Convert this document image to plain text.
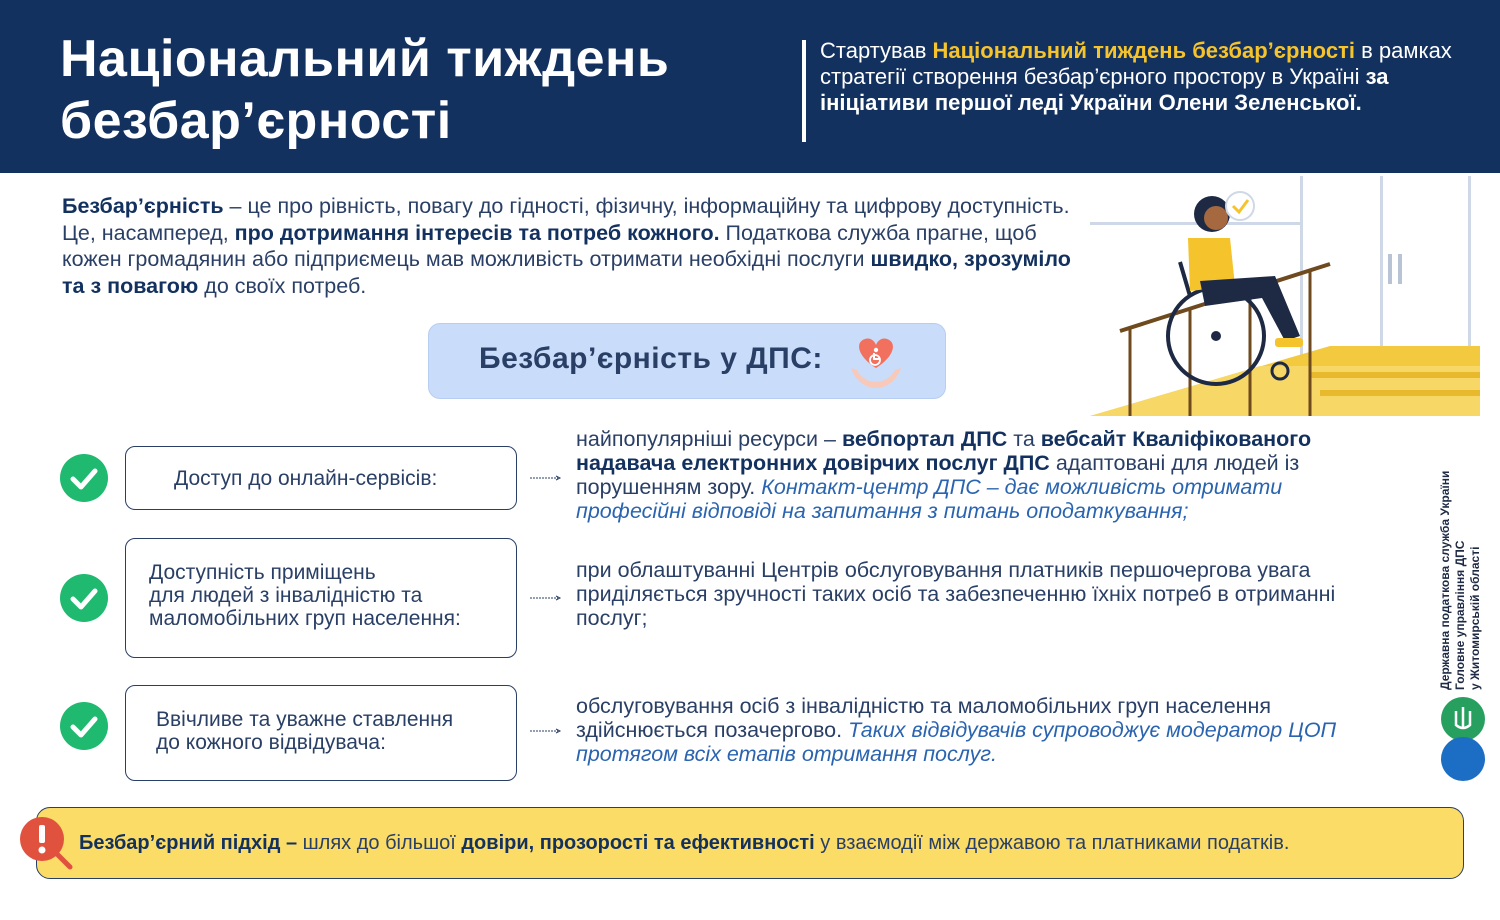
Національний тиждень безбар’єрності
Стартував Національний тиждень безбар’єрності в рамках стратегії створення безбар’єрного простору в Україні за ініціативи першої леді України Олени Зеленської.
Безбар’єрність – це про рівність, повагу до гідності, фізичну, інформаційну та цифрову доступність. Це, насамперед, про дотримання інтересів та потреб кожного. Податкова служба прагне, щоб кожен громадянин або підприємець мав можливість отримати необхідні послуги швидко, зрозуміло та з повагою до своїх потреб.
Безбар’єрність у ДПС:
Доступ до онлайн-сервісів:
найпопулярніші ресурси – вебпортал ДПС та вебсайт Кваліфікованого надавача електронних довірчих послуг ДПС адаптовані для людей із порушенням зору. Контакт-центр ДПС – дає можливість отримати професійні відповіді на запитання з питань оподаткування;
Доступність приміщень
для людей з інвалідністю та
маломобільних груп населення:
при облаштуванні Центрів обслуговування платників першочергова увага приділяється зручності таких осіб та забезпеченню їхніх потреб в отриманні послуг;
Ввічливе та уважне ставлення
до кожного відвідувача:
обслуговування осіб з інвалідністю та маломобільних груп населення здійснюється позачергово. Таких відвідувачів супроводжує модератор ЦОП протягом всіх етапів отримання послуг.
Державна податкова служба України Головне управління ДПС у Житомирській області
Безбар’єрний підхід – шлях до більшої довіри, прозорості та ефективності у взаємодії між державою та платниками податків.
